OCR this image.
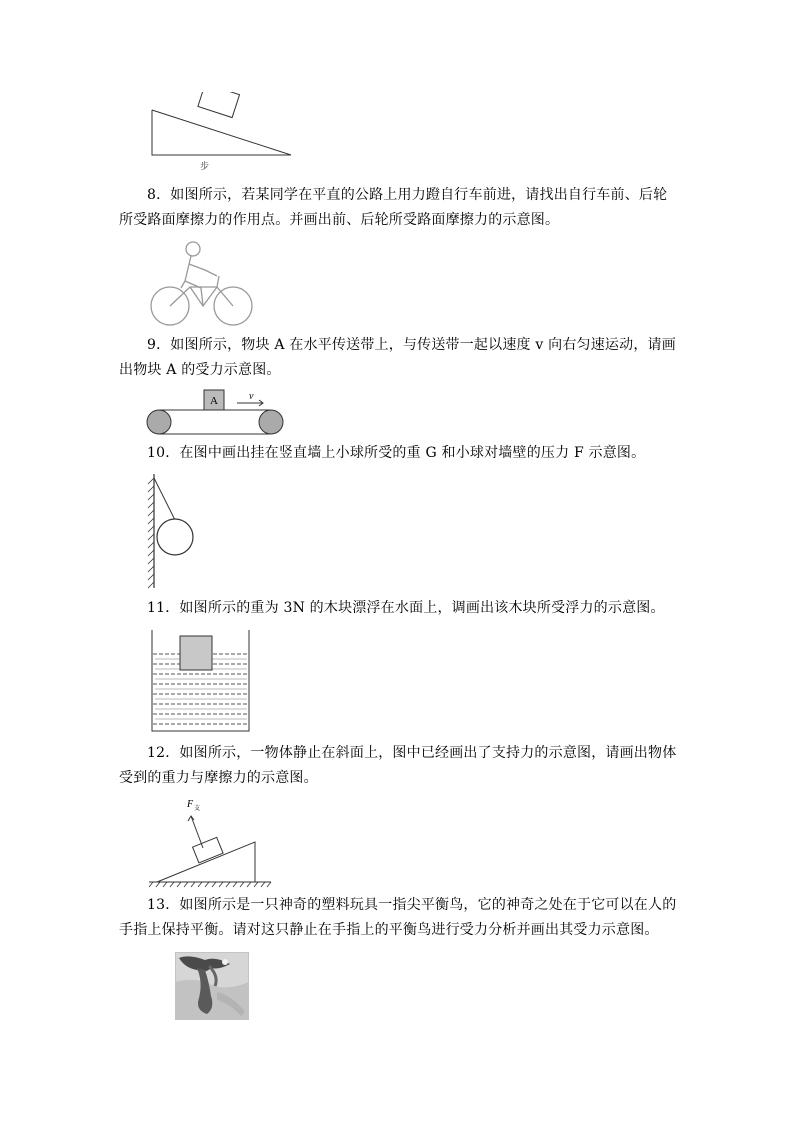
步
8．如图所示，若某同学在平直的公路上用力蹬自行车前进，请找出自行车前、后轮所受路面摩擦力的作用点。并画出前、后轮所受路面摩擦力的示意图。
9．如图所示，物块 A 在水平传送带上，与传送带一起以速度 v 向右匀速运动，请画出物块 A 的受力示意图。
A	v
10．在图中画出挂在竖直墙上小球所受的重 G 和小球对墙壁的压力 F 示意图。
11．如图所示的重为 3N 的木块漂浮在水面上，调画出该木块所受浮力的示意图。
12．如图所示，一物体静止在斜面上，图中已经画出了支持力的示意图，请画出物体受到的重力与摩擦力的示意图。
F 支
13．如图所示是一只神奇的塑料玩具一指尖平衡鸟，它的神奇之处在于它可以在人的手指上保持平衡。请对这只静止在手指上的平衡鸟进行受力分析并画出其受力示意图。
